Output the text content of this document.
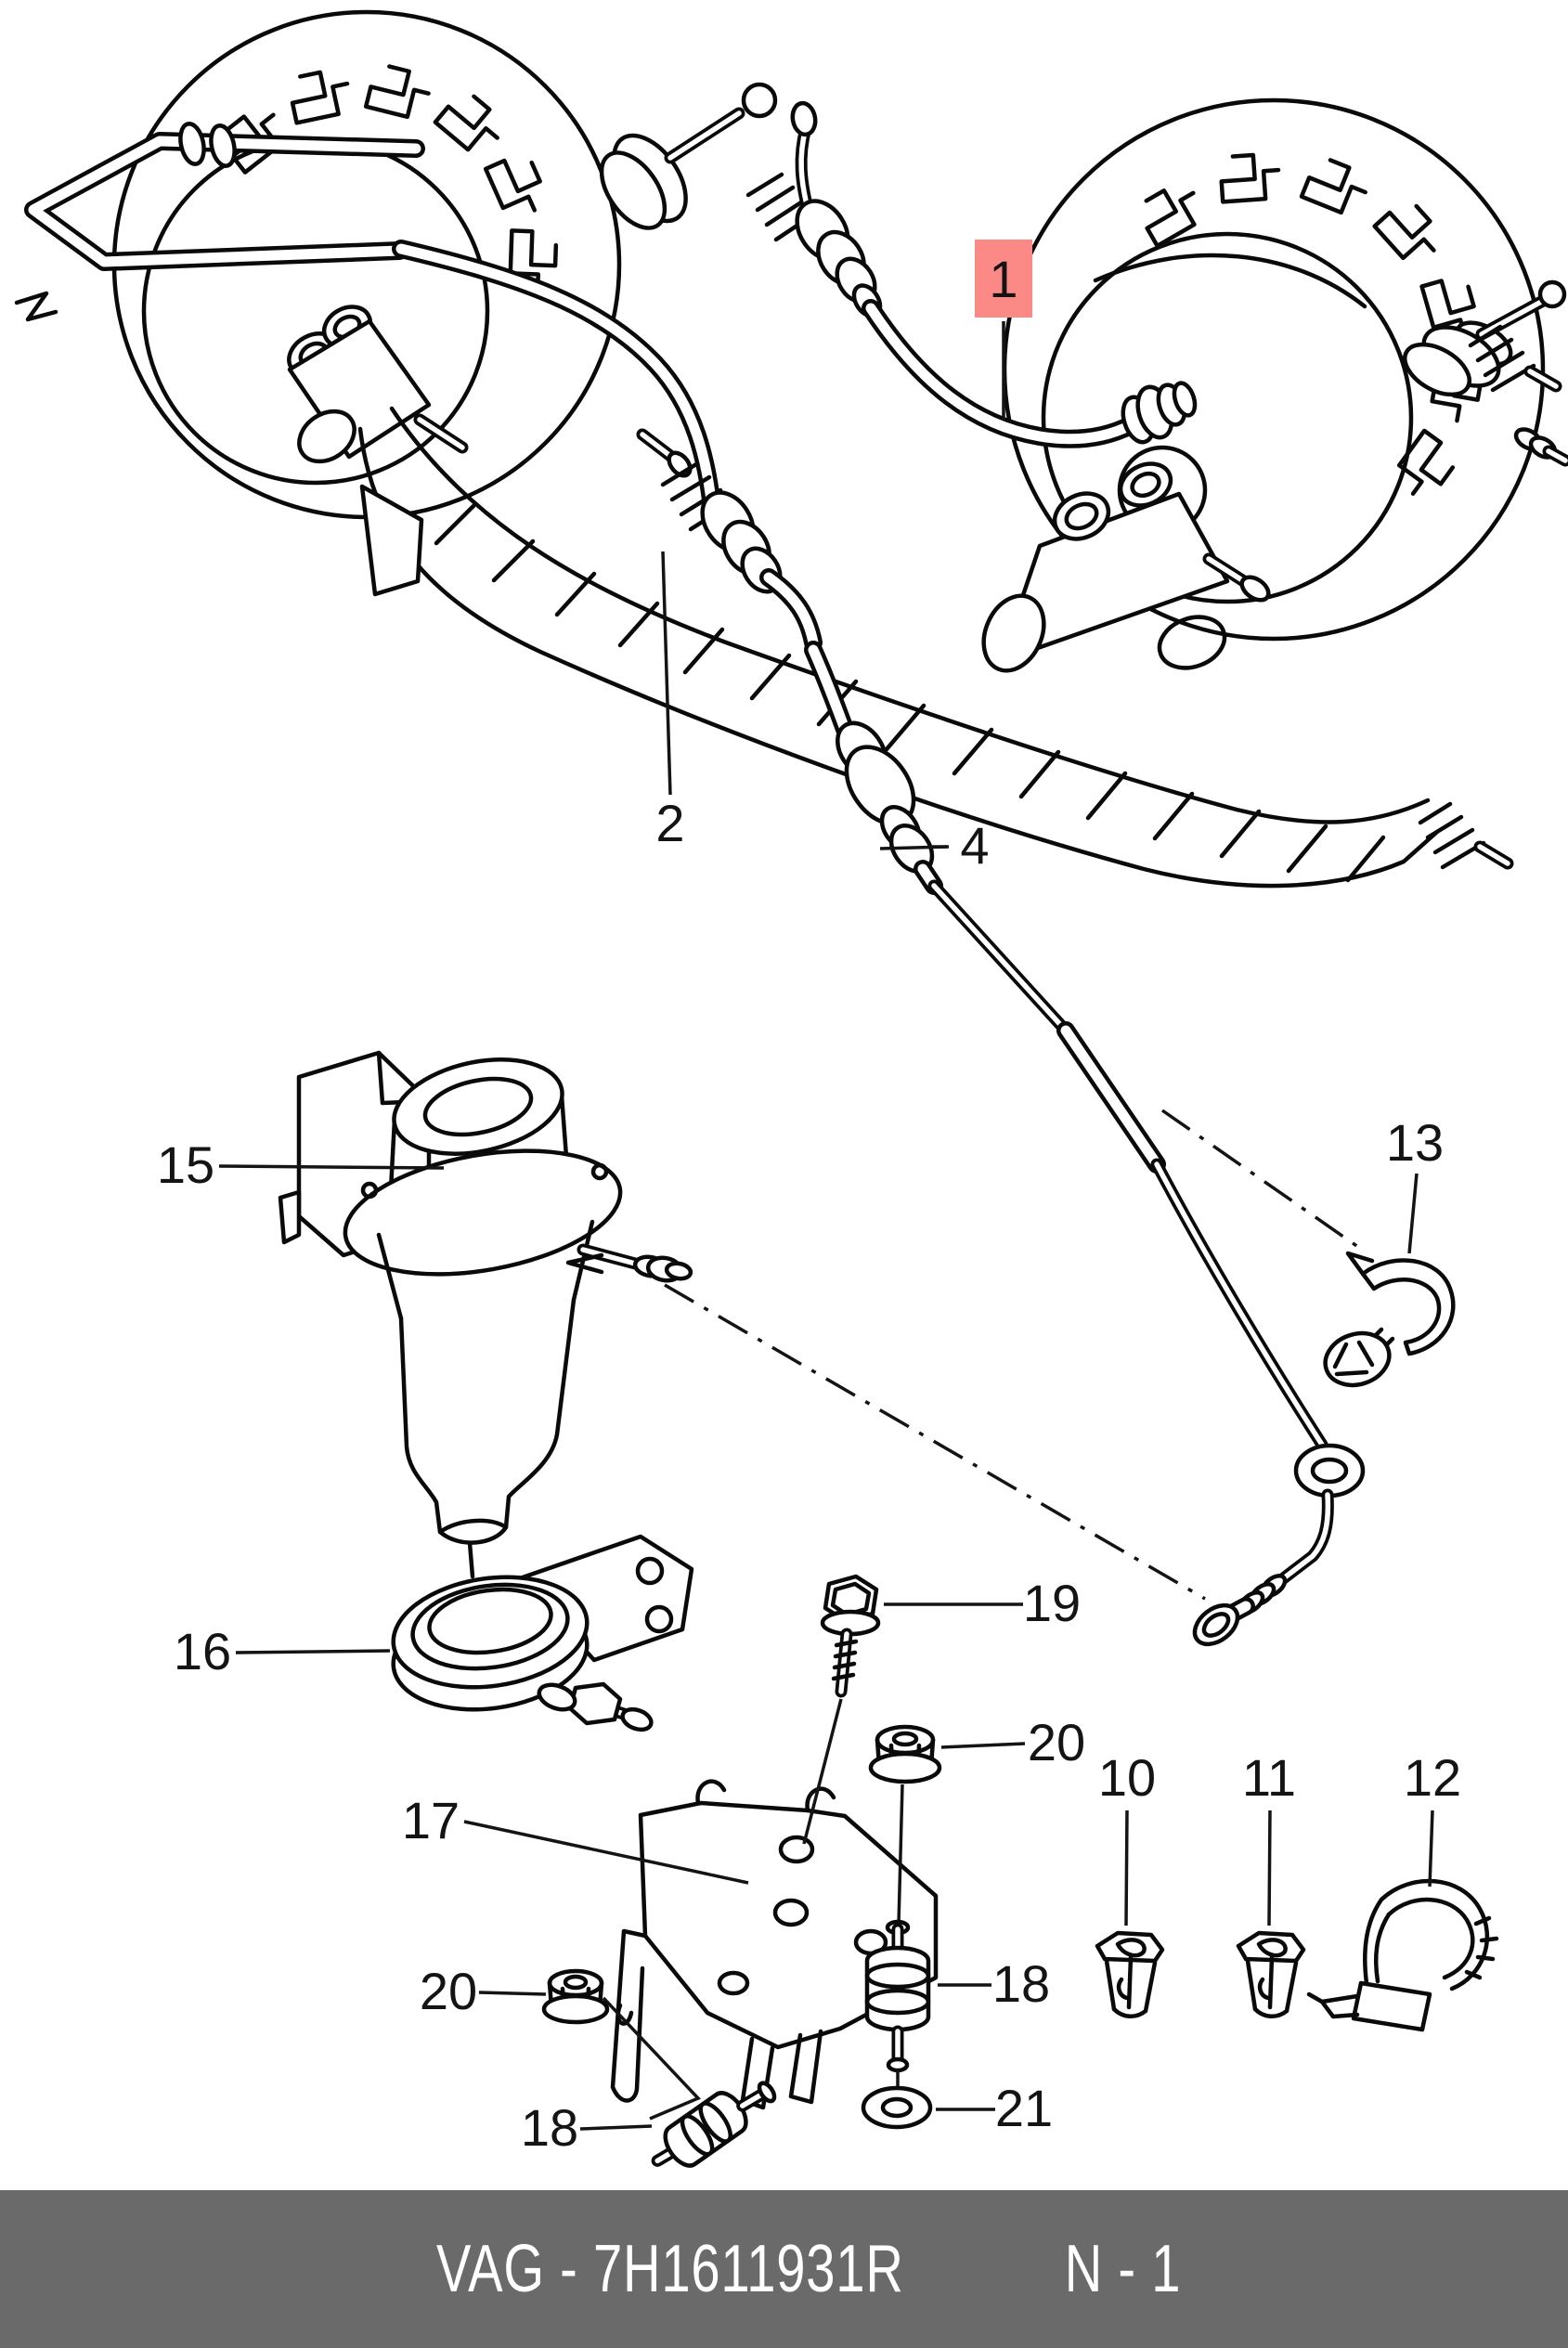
1
2	4
13
15
16
17
19
20
18
21
10 11 12
20
18
VAG - 7H1611931R N - 1
